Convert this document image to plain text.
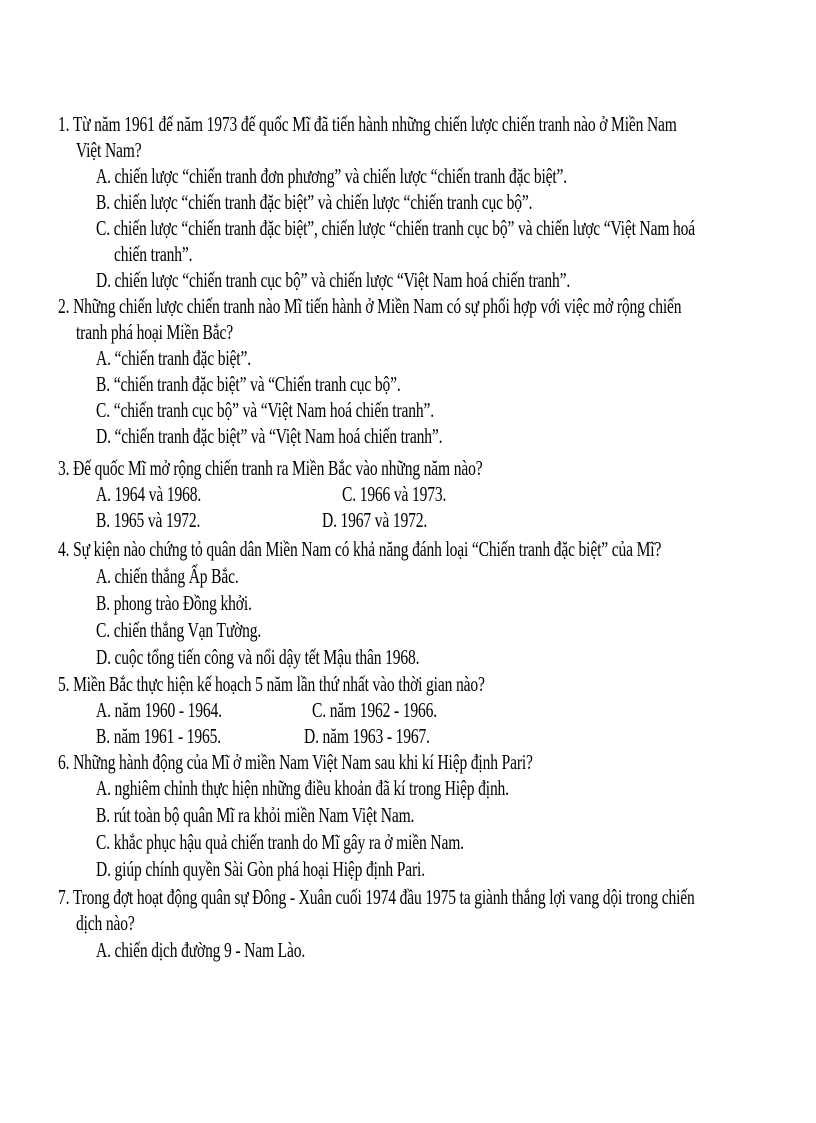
1. Từ năm 1961 đế năm 1973 đế quốc Mĩ đã tiến hành những chiến lược chiến tranh nào ở Miền Nam
Việt Nam?
A. chiến lược “chiến tranh đơn phương” và chiến lược “chiến tranh đặc biệt”.
B. chiến lược “chiến tranh đặc biệt” và chiến lược “chiến tranh cục bộ”.
C. chiến lược “chiến tranh đặc biệt”, chiến lược “chiến tranh cục bộ” và chiến lược “Việt Nam hoá
chiến tranh”.
D. chiến lược “chiến tranh cục bộ” và chiến lược “Việt Nam hoá chiến tranh”.
2. Những chiến lược chiến tranh nào Mĩ tiến hành ở Miền Nam có sự phối hợp với việc mở rộng chiến
tranh phá hoại Miền Bắc?
A. “chiến tranh đặc biệt”.
B. “chiến tranh đặc biệt” và “Chiến tranh cục bộ”.
C. “chiến tranh cục bộ” và “Việt Nam hoá chiến tranh”.
D. “chiến tranh đặc biệt” và “Việt Nam hoá chiến tranh”.
3. Đế quốc Mĩ mở rộng chiến tranh ra Miền Bắc vào những năm nào?
A. 1964 và 1968.	C. 1966 và 1973.
B. 1965 và 1972.	D. 1967 và 1972.
4. Sự kiện nào chứng tỏ quân dân Miền Nam có khả năng đánh loại “Chiến tranh đặc biệt” của Mĩ?
A. chiến thắng Ấp Bắc.
B. phong trào Đồng khởi.
C. chiến thắng Vạn Tường.
D. cuộc tổng tiến công và nổi dậy tết Mậu thân 1968.
5. Miền Bắc thực hiện kế hoạch 5 năm lần thứ nhất vào thời gian nào?
A. năm 1960 - 1964.	C. năm 1962 - 1966.
B. năm 1961 - 1965.	D. năm 1963 - 1967.
6. Những hành động của Mĩ ở miền Nam Việt Nam sau khi kí Hiệp định Pari?
A. nghiêm chỉnh thực hiện những điều khoản đã kí trong Hiệp định.
B. rút toàn bộ quân Mĩ ra khỏi miền Nam Việt Nam.
C. khắc phục hậu quả chiến tranh do Mĩ gây ra ở miền Nam.
D. giúp chính quyền Sài Gòn phá hoại Hiệp định Pari.
7. Trong đợt hoạt động quân sự Đông - Xuân cuối 1974 đầu 1975 ta giành thắng lợi vang dội trong chiến
dịch nào?
A. chiến dịch đường 9 - Nam Lào.
